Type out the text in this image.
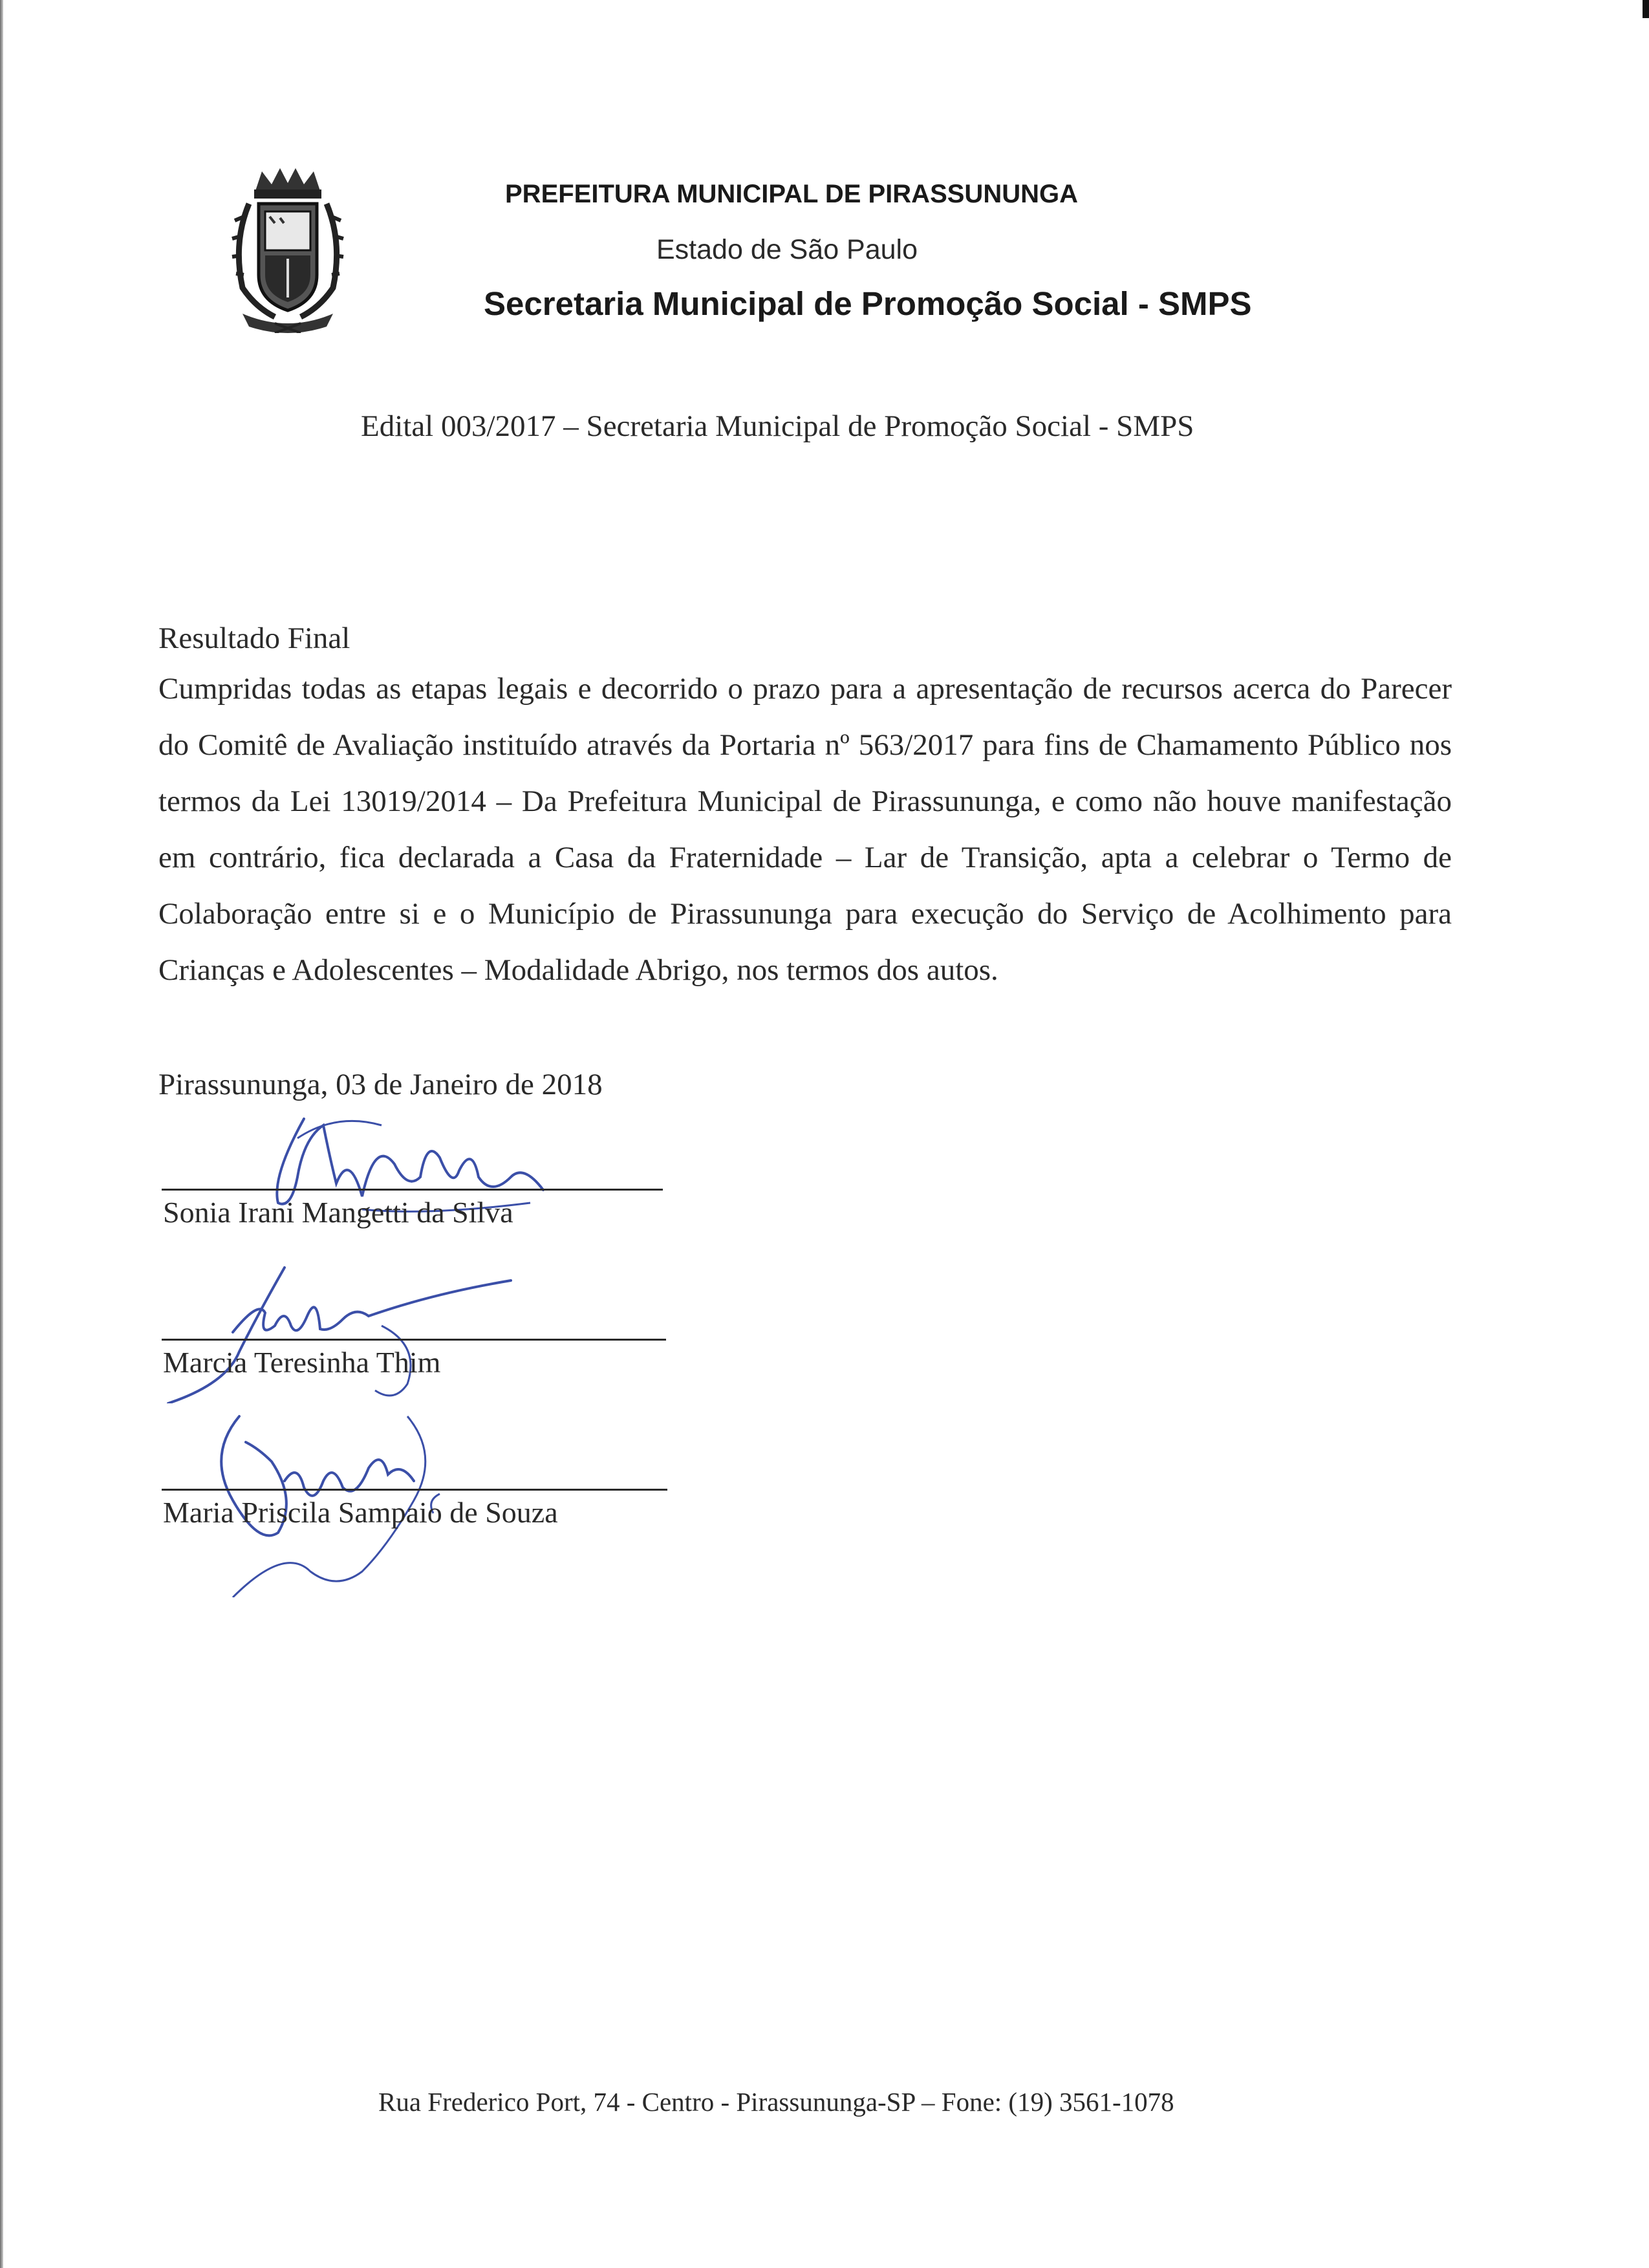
PREFEITURA MUNICIPAL DE PIRASSUNUNGA
Estado de São Paulo
Secretaria Municipal de Promoção Social - SMPS
Edital 003/2017 – Secretaria Municipal de Promoção Social - SMPS
Resultado Final
Cumpridas todas as etapas legais e decorrido o prazo para a apresentação de recursos acerca do Parecer do Comitê de Avaliação instituído através da Portaria nº 563/2017 para fins de Chamamento Público nos termos da Lei 13019/2014 – Da Prefeitura Municipal de Pirassununga, e como não houve manifestação em contrário, fica declarada a Casa da Fraternidade – Lar de Transição, apta a celebrar o Termo de Colaboração entre si e o Município de Pirassununga para execução do Serviço de Acolhimento para Crianças e Adolescentes – Modalidade Abrigo, nos termos dos autos.
Pirassununga, 03 de Janeiro de 2018
Sonia Irani Mangetti da Silva
Marcia Teresinha Thim
Maria Priscila Sampaio de Souza
Rua Frederico Port, 74 - Centro - Pirassununga-SP – Fone: (19) 3561-1078
